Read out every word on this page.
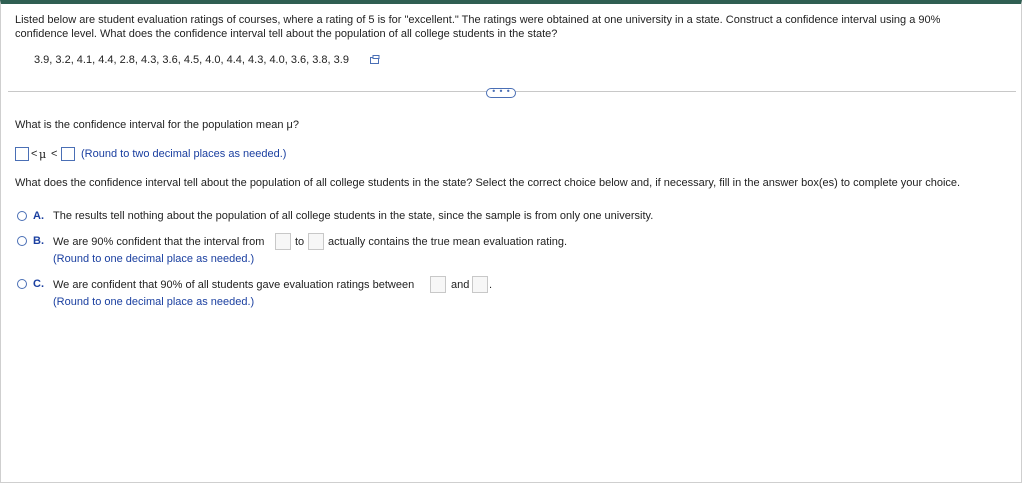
Listed below are student evaluation ratings of courses, where a rating of 5 is for "excellent." The ratings were obtained at one university in a state. Construct a confidence interval using a 90%
confidence level. What does the confidence interval tell about the population of all college students in the state?
3.9, 3.2, 4.1, 4.4, 2.8, 4.3, 3.6, 4.5, 4.0, 4.4, 4.3, 4.0, 3.6, 3.8, 3.9
• • •
What is the confidence interval for the population mean μ?
< μ < (Round to two decimal places as needed.)
What does the confidence interval tell about the population of all college students in the state? Select the correct choice below and, if necessary, fill in the answer box(es) to complete your choice.
A. The results tell nothing about the population of all college students in the state, since the sample is from only one university.
B. We are 90% confident that the interval from	to actually contains the true mean evaluation rating.
(Round to one decimal place as needed.)
C. We are confident that 90% of all students gave evaluation ratings between	and .
(Round to one decimal place as needed.)
